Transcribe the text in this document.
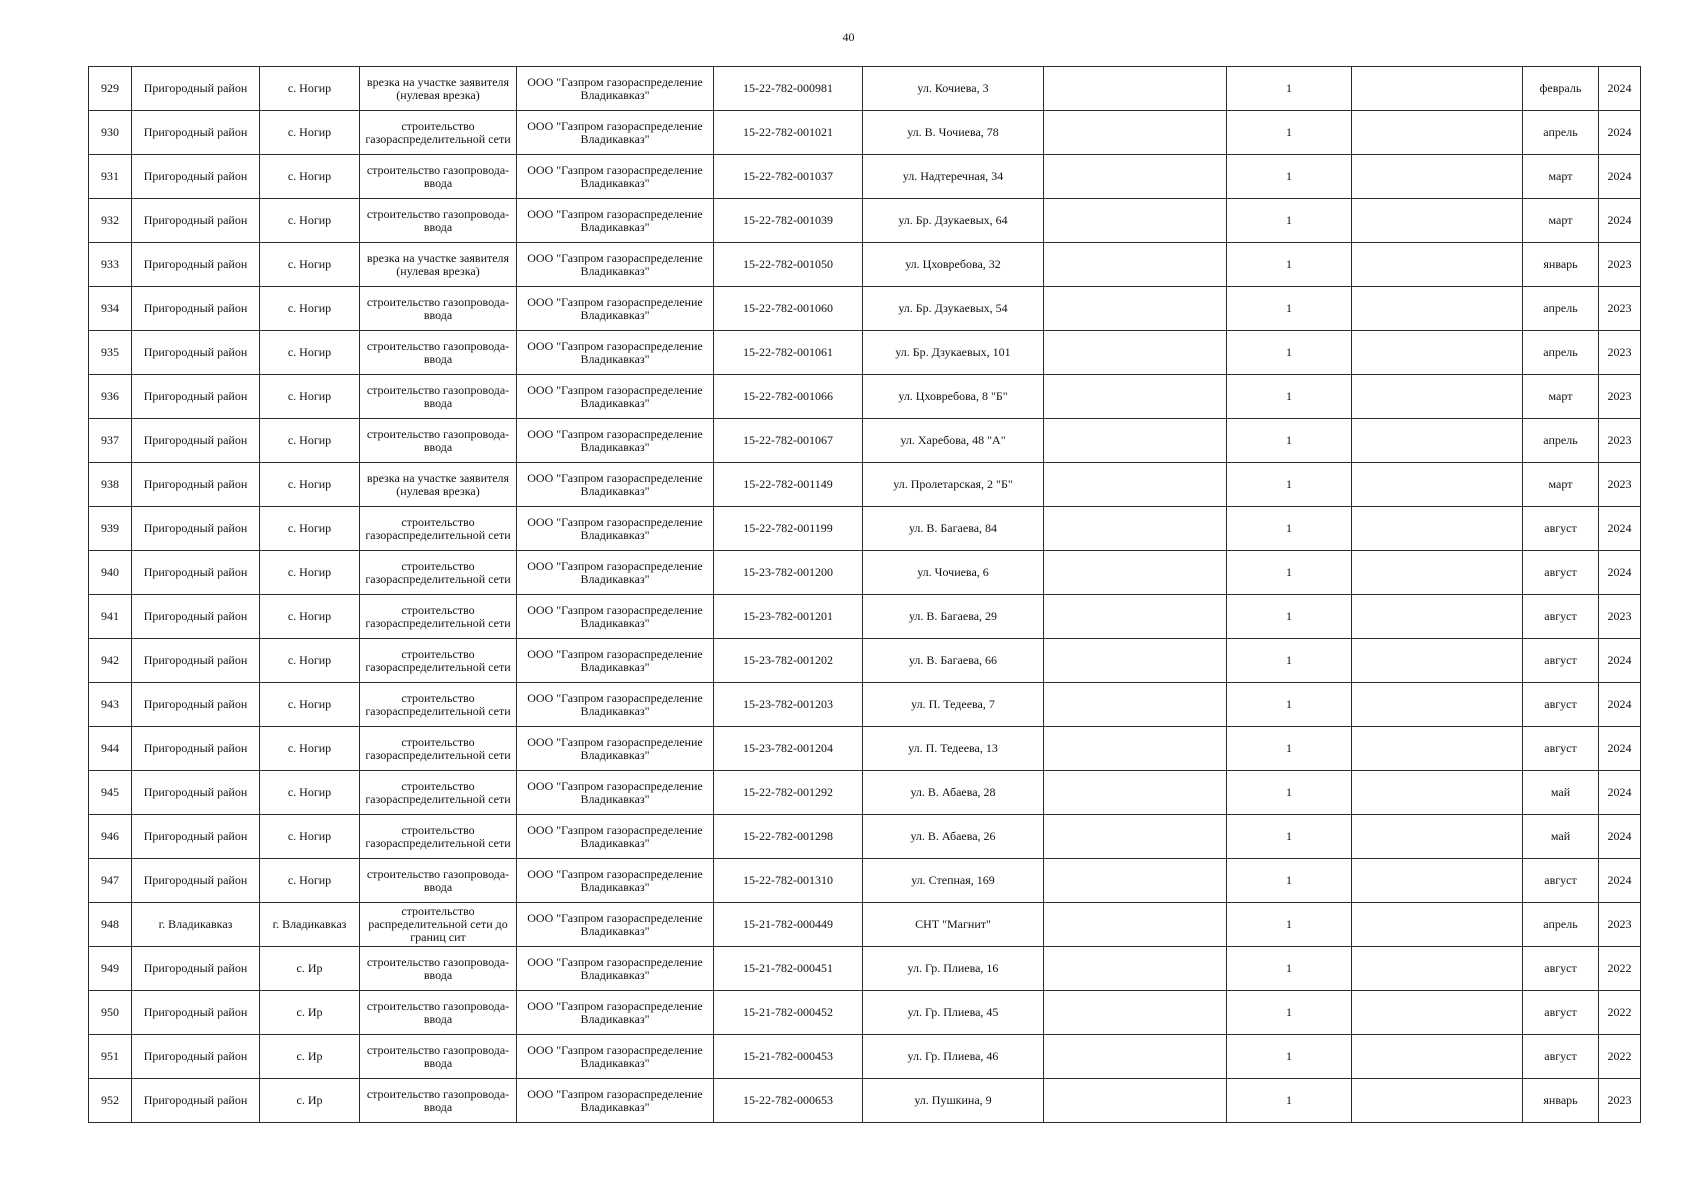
40
929	Пригородный район	с. Ногир	врезка на участке заявителя (нулевая врезка)	ООО "Газпром газораспределение Владикавказ"	15-22-782-000981	ул. Кочиева, 3		1		февраль	2024
930	Пригородный район	с. Ногир	строительство газораспределительной сети	ООО "Газпром газораспределение Владикавказ"	15-22-782-001021	ул. В. Чочиева, 78		1		апрель	2024
931	Пригородный район	с. Ногир	строительство газопровода-ввода	ООО "Газпром газораспределение Владикавказ"	15-22-782-001037	ул. Надтеречная, 34		1		март	2024
932	Пригородный район	с. Ногир	строительство газопровода-ввода	ООО "Газпром газораспределение Владикавказ"	15-22-782-001039	ул. Бр. Дзукаевых, 64		1		март	2024
933	Пригородный район	с. Ногир	врезка на участке заявителя (нулевая врезка)	ООО "Газпром газораспределение Владикавказ"	15-22-782-001050	ул. Цховребова, 32		1		январь	2023
934	Пригородный район	с. Ногир	строительство газопровода-ввода	ООО "Газпром газораспределение Владикавказ"	15-22-782-001060	ул. Бр. Дзукаевых, 54		1		апрель	2023
935	Пригородный район	с. Ногир	строительство газопровода-ввода	ООО "Газпром газораспределение Владикавказ"	15-22-782-001061	ул. Бр. Дзукаевых, 101		1		апрель	2023
936	Пригородный район	с. Ногир	строительство газопровода-ввода	ООО "Газпром газораспределение Владикавказ"	15-22-782-001066	ул. Цховребова, 8 "Б"		1		март	2023
937	Пригородный район	с. Ногир	строительство газопровода-ввода	ООО "Газпром газораспределение Владикавказ"	15-22-782-001067	ул. Харебова, 48 "А"		1		апрель	2023
938	Пригородный район	с. Ногир	врезка на участке заявителя (нулевая врезка)	ООО "Газпром газораспределение Владикавказ"	15-22-782-001149	ул. Пролетарская, 2 "Б"		1		март	2023
939	Пригородный район	с. Ногир	строительство газораспределительной сети	ООО "Газпром газораспределение Владикавказ"	15-22-782-001199	ул. В. Багаева, 84		1		август	2024
940	Пригородный район	с. Ногир	строительство газораспределительной сети	ООО "Газпром газораспределение Владикавказ"	15-23-782-001200	ул. Чочиева, 6		1		август	2024
941	Пригородный район	с. Ногир	строительство газораспределительной сети	ООО "Газпром газораспределение Владикавказ"	15-23-782-001201	ул. В. Багаева, 29		1		август	2023
942	Пригородный район	с. Ногир	строительство газораспределительной сети	ООО "Газпром газораспределение Владикавказ"	15-23-782-001202	ул. В. Багаева, 66		1		август	2024
943	Пригородный район	с. Ногир	строительство газораспределительной сети	ООО "Газпром газораспределение Владикавказ"	15-23-782-001203	ул. П. Тедеева, 7		1		август	2024
944	Пригородный район	с. Ногир	строительство газораспределительной сети	ООО "Газпром газораспределение Владикавказ"	15-23-782-001204	ул. П. Тедеева, 13		1		август	2024
945	Пригородный район	с. Ногир	строительство газораспределительной сети	ООО "Газпром газораспределение Владикавказ"	15-22-782-001292	ул. В. Абаева, 28		1		май	2024
946	Пригородный район	с. Ногир	строительство газораспределительной сети	ООО "Газпром газораспределение Владикавказ"	15-22-782-001298	ул. В. Абаева, 26		1		май	2024
947	Пригородный район	с. Ногир	строительство газопровода-ввода	ООО "Газпром газораспределение Владикавказ"	15-22-782-001310	ул. Степная, 169		1		август	2024
948	г. Владикавказ	г. Владикавказ	строительство распределительной сети до границ сит	ООО "Газпром газораспределение Владикавказ"	15-21-782-000449	СНТ "Магнит"		1		апрель	2023
949	Пригородный район	с. Ир	строительство газопровода-ввода	ООО "Газпром газораспределение Владикавказ"	15-21-782-000451	ул. Гр. Плиева, 16		1		август	2022
950	Пригородный район	с. Ир	строительство газопровода-ввода	ООО "Газпром газораспределение Владикавказ"	15-21-782-000452	ул. Гр. Плиева, 45		1		август	2022
951	Пригородный район	с. Ир	строительство газопровода-ввода	ООО "Газпром газораспределение Владикавказ"	15-21-782-000453	ул. Гр. Плиева, 46		1		август	2022
952	Пригородный район	с. Ир	строительство газопровода-ввода	ООО "Газпром газораспределение Владикавказ"	15-22-782-000653	ул. Пушкина, 9		1		январь	2023
